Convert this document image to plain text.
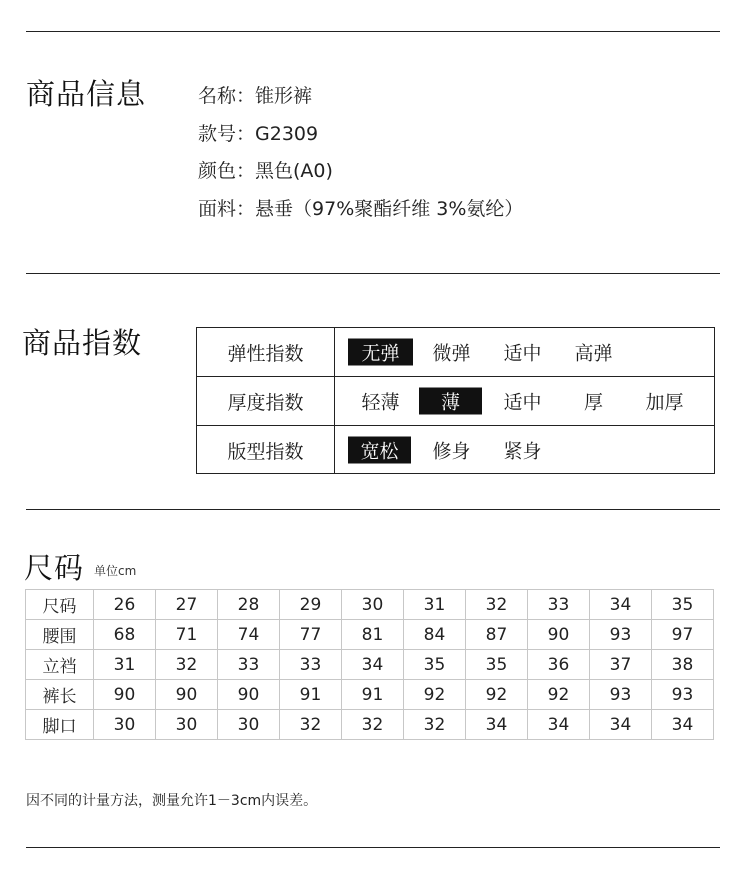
商品信息	名称：锥形裤
款号：G2309
颜色：黑色(A0)
面料：悬垂（97%聚酯纤维 3%氨纶）
商品指数	弹性指数	无弹	微弹	适中	高弹
厚度指数	轻薄	薄	适中	厚	加厚
版型指数	宽松	修身	紧身
尺码 单位cm
尺码	26	27	28	29	30	31	32	33	34	35
腰围	68	71	74	77	81	84	87	90	93	97
立裆	31	32	33	33	34	35	35	36	37	38
裤长	90	90	90	91	91	92	92	92	93	93
脚口	30	30	30	32	32	32	34	34	34	34
因不同的计量方法，测量允许1－3cm内误差。
